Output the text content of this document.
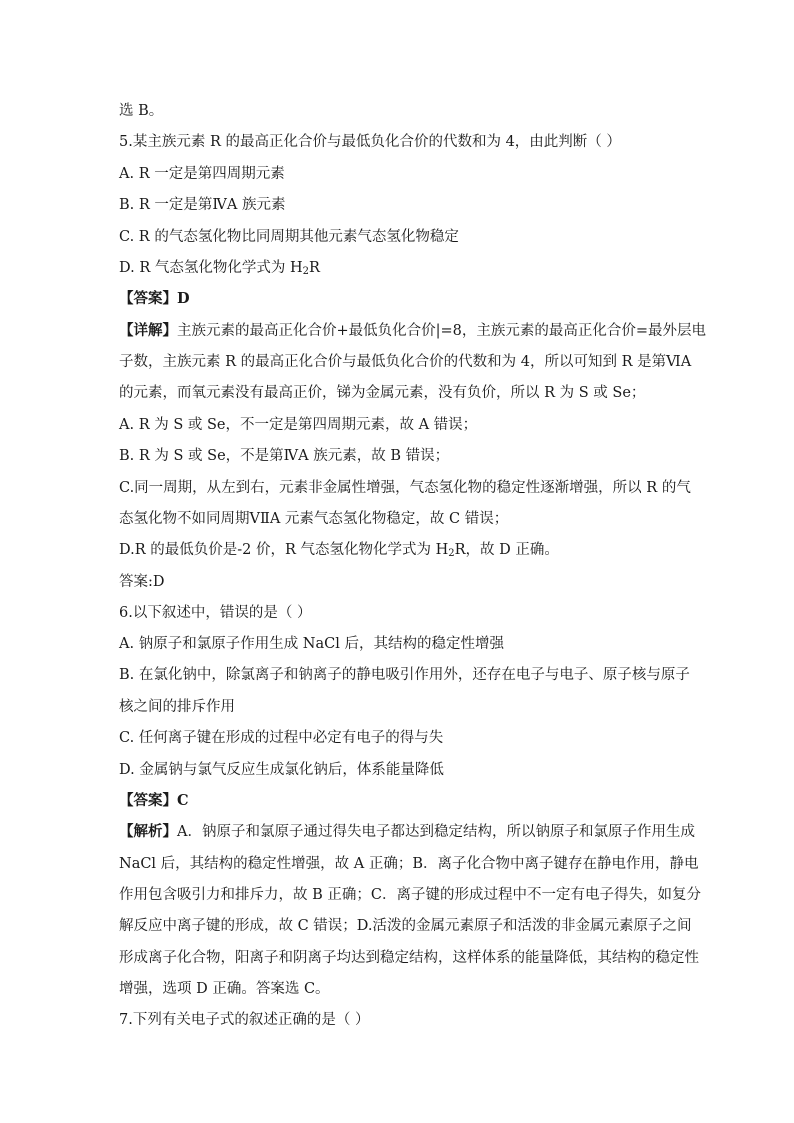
选 B。
5.某主族元素 R 的最高正化合价与最低负化合价的代数和为 4，由此判断（ ）
A. R 一定是第四周期元素
B. R 一定是第ⅣA 族元素
C. R 的气态氢化物比同周期其他元素气态氢化物稳定
D. R 气态氢化物化学式为 $H_2R$
【答案】D
【详解】主族元素的最高正化合价+最低负化合价|=8，主族元素的最高正化合价=最外层电
子数，主族元素 R 的最高正化合价与最低负化合价的代数和为 4，所以可知到 R 是第ⅥA
的元素，而氧元素没有最高正价，锑为金属元素，没有负价，所以 R 为 S 或 Se；
A. R 为 S 或 Se，不一定是第四周期元素，故 A 错误；
B. R 为 S 或 Se，不是第ⅣA 族元素，故 B 错误；
C.同一周期，从左到右，元素非金属性增强，气态氢化物的稳定性逐渐增强，所以 R 的气
态氢化物不如同周期ⅤⅡA 元素气态氢化物稳定，故 C 错误；
D.R 的最低负价是-2 价，R 气态氢化物化学式为 $H_2R$，故 D 正确。
答案:D
6.以下叙述中，错误的是（ ）
A. 钠原子和氯原子作用生成 NaCl 后，其结构的稳定性增强
B. 在氯化钠中，除氯离子和钠离子的静电吸引作用外，还存在电子与电子、原子核与原子
核之间的排斥作用
C. 任何离子键在形成的过程中必定有电子的得与失
D. 金属钠与氯气反应生成氯化钠后，体系能量降低
【答案】C
【解析】A．钠原子和氯原子通过得失电子都达到稳定结构，所以钠原子和氯原子作用生成
NaCl 后，其结构的稳定性增强，故 A 正确；B．离子化合物中离子键存在静电作用，静电
作用包含吸引力和排斥力，故 B 正确；C．离子键的形成过程中不一定有电子得失，如复分
解反应中离子键的形成，故 C 错误；D.活泼的金属元素原子和活泼的非金属元素原子之间
形成离子化合物，阳离子和阴离子均达到稳定结构，这样体系的能量降低，其结构的稳定性
增强，选项 D 正确。答案选 C。
7.下列有关电子式的叙述正确的是（ ）
